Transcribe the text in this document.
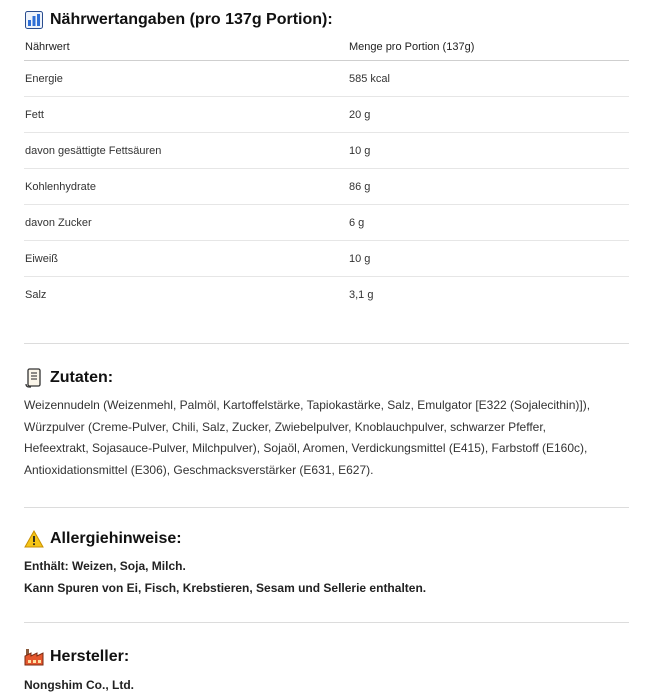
Nährwertangaben (pro 137g Portion):
Nährwert	Menge pro Portion (137g)
Energie	585 kcal
Fett	20 g
davon gesättigte Fettsäuren	10 g
Kohlenhydrate	86 g
davon Zucker	6 g
Eiweiß	10 g
Salz	3,1 g
Zutaten:
Weizennudeln (Weizenmehl, Palmöl, Kartoffelstärke, Tapiokastärke, Salz, Emulgator [E322 (Sojalecithin)]),
Würzpulver (Creme-Pulver, Chili, Salz, Zucker, Zwiebelpulver, Knoblauchpulver, schwarzer Pfeffer,
Hefeextrakt, Sojasauce-Pulver, Milchpulver), Sojaöl, Aromen, Verdickungsmittel (E415), Farbstoff (E160c),
Antioxidationsmittel (E306), Geschmacksverstärker (E631, E627).
Allergiehinweise:
Enthält: Weizen, Soja, Milch.
Kann Spuren von Ei, Fisch, Krebstieren, Sesam und Sellerie enthalten.
Hersteller:
Nongshim Co., Ltd.
